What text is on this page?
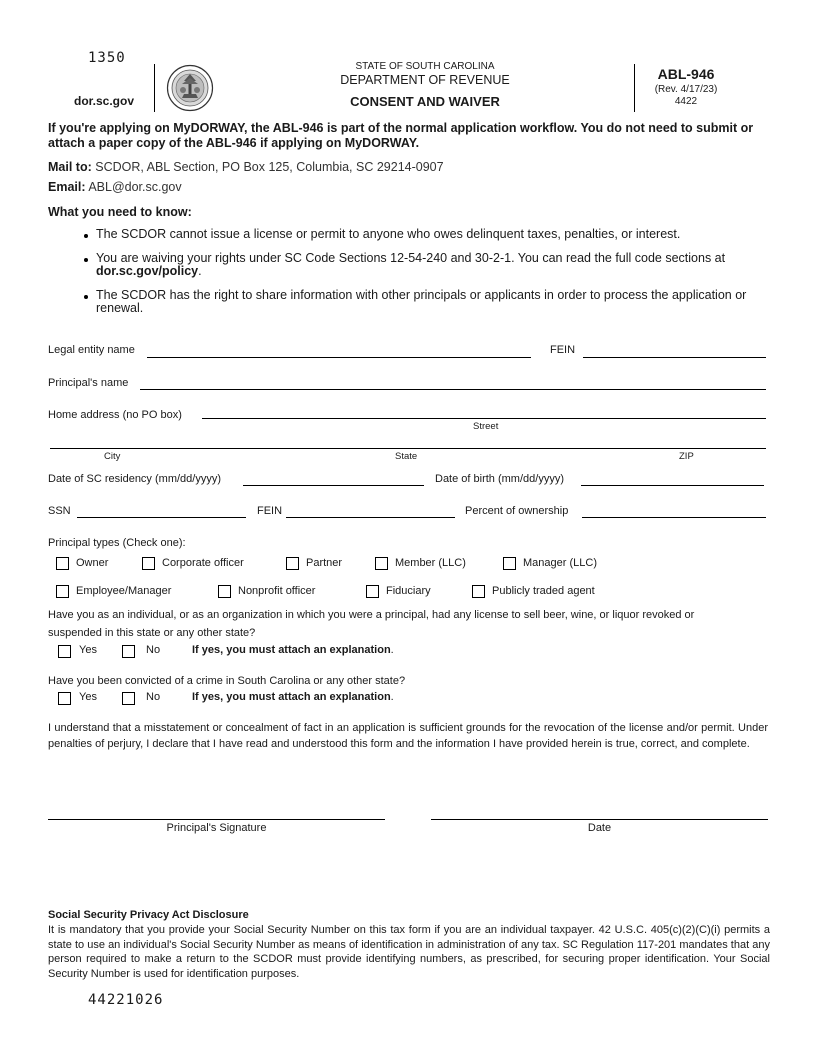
1350
dor.sc.gov
STATE OF SOUTH CAROLINA
DEPARTMENT OF REVENUE
CONSENT AND WAIVER
ABL-946
(Rev. 4/17/23)
4422
If you're applying on MyDORWAY, the ABL-946 is part of the normal application workflow. You do not need to submit or attach a paper copy of the ABL-946 if applying on MyDORWAY.
Mail to: SCDOR, ABL Section, PO Box 125, Columbia, SC 29214-0907
Email: ABL@dor.sc.gov
What you need to know:
The SCDOR cannot issue a license or permit to anyone who owes delinquent taxes, penalties, or interest.
You are waiving your rights under SC Code Sections 12-54-240 and 30-2-1. You can read the full code sections at dor.sc.gov/policy.
The SCDOR has the right to share information with other principals or applicants in order to process the application or renewal.
Legal entity name	FEIN
Principal's name
Home address (no PO box)
Street
City	State	ZIP
Date of SC residency (mm/dd/yyyy)	Date of birth (mm/dd/yyyy)
SSN	FEIN	Percent of ownership
Principal types (Check one):
Owner	Corporate officer	Partner	Member (LLC)	Manager (LLC)
Employee/Manager	Nonprofit officer	Fiduciary	Publicly traded agent
Have you as an individual, or as an organization in which you were a principal, had any license to sell beer, wine, or liquor revoked or
suspended in this state or any other state?
Yes	No	If yes, you must attach an explanation.
Have you been convicted of a crime in South Carolina or any other state?
Yes	No	If yes, you must attach an explanation.
I understand that a misstatement or concealment of fact in an application is sufficient grounds for the revocation of the license and/or permit. Under penalties of perjury, I declare that I have read and understood this form and the information I have provided herein is true, correct, and complete.
Principal's Signature	Date
Social Security Privacy Act Disclosure
It is mandatory that you provide your Social Security Number on this tax form if you are an individual taxpayer. 42 U.S.C. 405(c)(2)(C)(i) permits a state to use an individual's Social Security Number as means of identification in administration of any tax. SC Regulation 117-201 mandates that any person required to make a return to the SCDOR must provide identifying numbers, as prescribed, for securing proper identification. Your Social Security Number is used for identification purposes.
44221026
